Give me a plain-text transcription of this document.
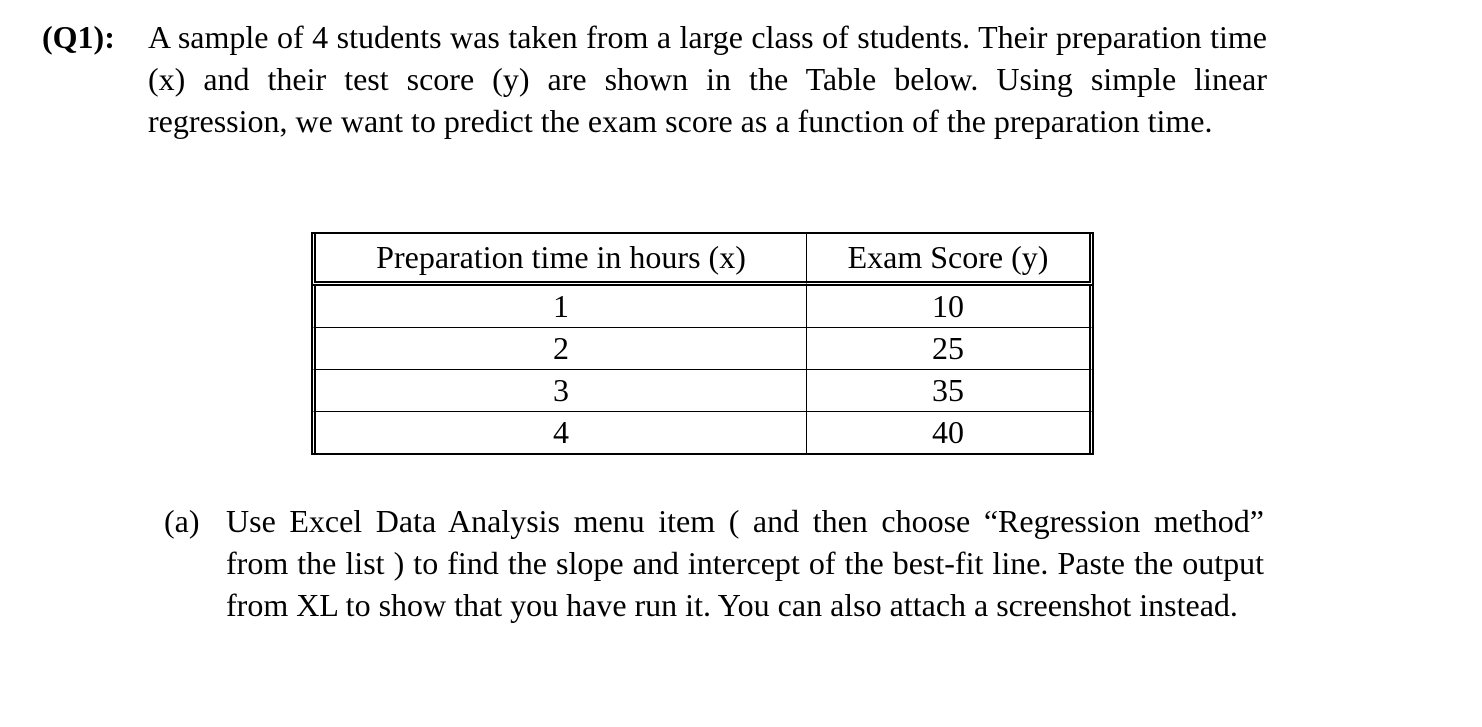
(Q1):	A sample of 4 students was taken from a large class of students. Their preparation time (x) and their test score (y) are shown in the Table below. Using simple linear regression, we want to predict the exam score as a function of the preparation time.
Preparation time in hours (x)	Exam Score (y)
1	10
2	25
3	35
4	40
(a) Use Excel Data Analysis menu item ( and then choose “Regression method” from the list ) to find the slope and intercept of the best-fit line. Paste the output from XL to show that you have run it. You can also attach a screenshot instead.
